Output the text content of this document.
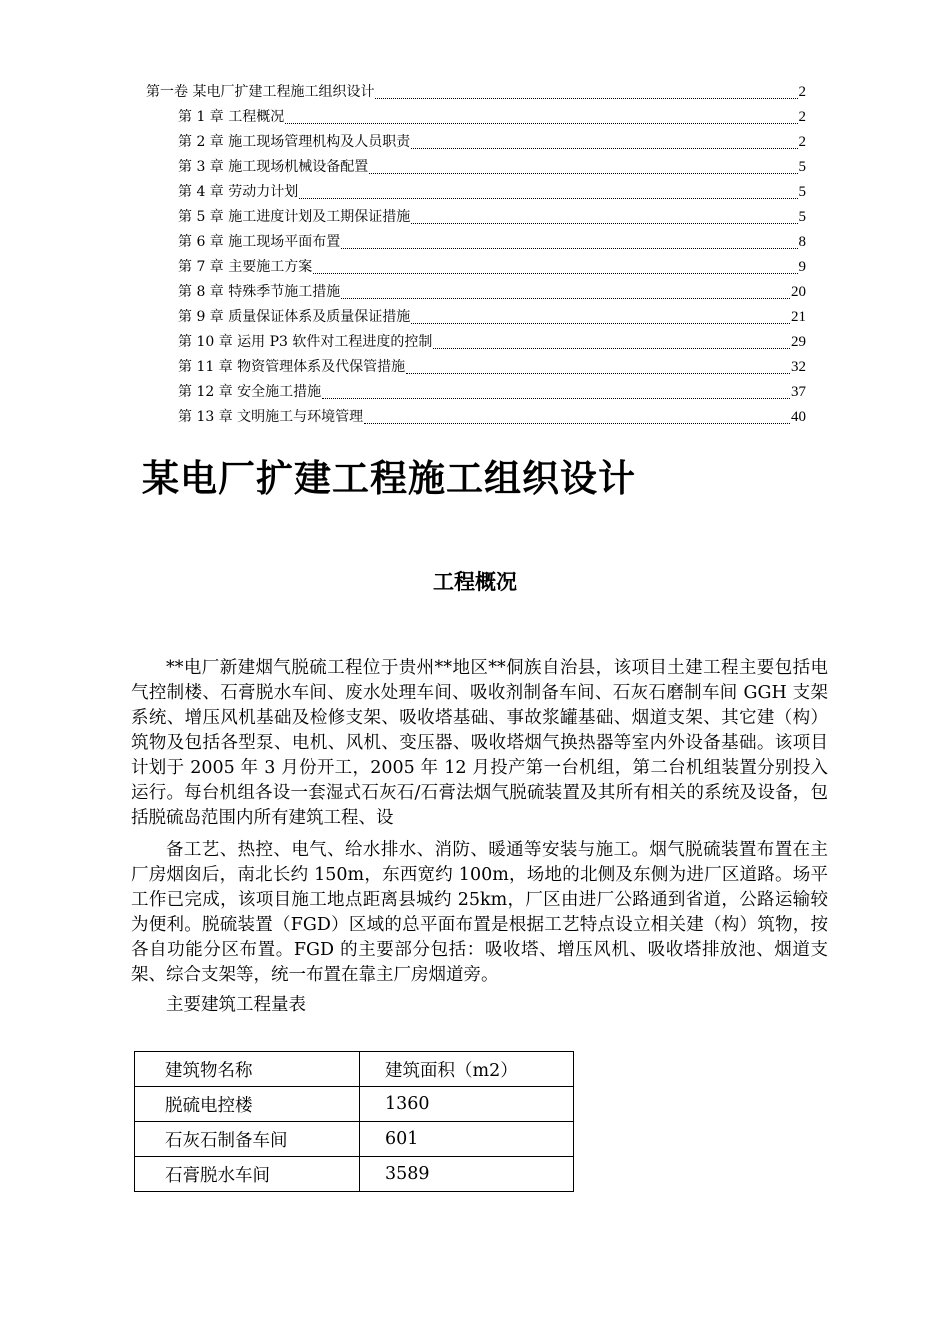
第一卷 某电厂扩建工程施工组织设计	2
第 1 章 工程概况	2
第 2 章 施工现场管理机构及人员职责	2
第 3 章 施工现场机械设备配置	5
第 4 章 劳动力计划	5
第 5 章 施工进度计划及工期保证措施	5
第 6 章 施工现场平面布置	8
第 7 章 主要施工方案	9
第 8 章 特殊季节施工措施	20
第 9 章 质量保证体系及质量保证措施	21
第 10 章 运用 P3 软件对工程进度的控制	29
第 11 章 物资管理体系及代保管措施	32
第 12 章 安全施工措施	37
第 13 章 文明施工与环境管理	40
某电厂扩建工程施工组织设计
工程概况

**电厂新建烟气脱硫工程位于贵州**地区**侗族自治县，该项目土建工程主要包括电气控制楼、石膏脱水车间、废水处理车间、吸收剂制备车间、石灰石磨制车间 GGH 支架系统、增压风机基础及检修支架、吸收塔基础、事故浆罐基础、烟道支架、其它建（构）筑物及包括各型泵、电机、风机、变压器、吸收塔烟气换热器等室内外设备基础。该项目计划于 2005 年 3 月份开工，2005 年 12 月投产第一台机组，第二台机组装置分别投入运行。每台机组各设一套湿式石灰石/石膏法烟气脱硫装置及其所有相关的系统及设备，包括脱硫岛范围内所有建筑工程、设

备工艺、热控、电气、给水排水、消防、暖通等安装与施工。烟气脱硫装置布置在主厂房烟囱后，南北长约 150m，东西宽约 100m，场地的北侧及东侧为进厂区道路。场平工作已完成，该项目施工地点距离县城约 25km，厂区由进厂公路通到省道，公路运输较为便利。脱硫装置（FGD）区域的总平面布置是根据工艺特点设立相关建（构）筑物，按各自功能分区布置。FGD 的主要部分包括：吸收塔、增压风机、吸收塔排放池、烟道支架、综合支架等，统一布置在靠主厂房烟道旁。

主要建筑工程量表

建筑物名称	建筑面积（m2）
脱硫电控楼	1360
石灰石制备车间	601
石膏脱水车间	3589
